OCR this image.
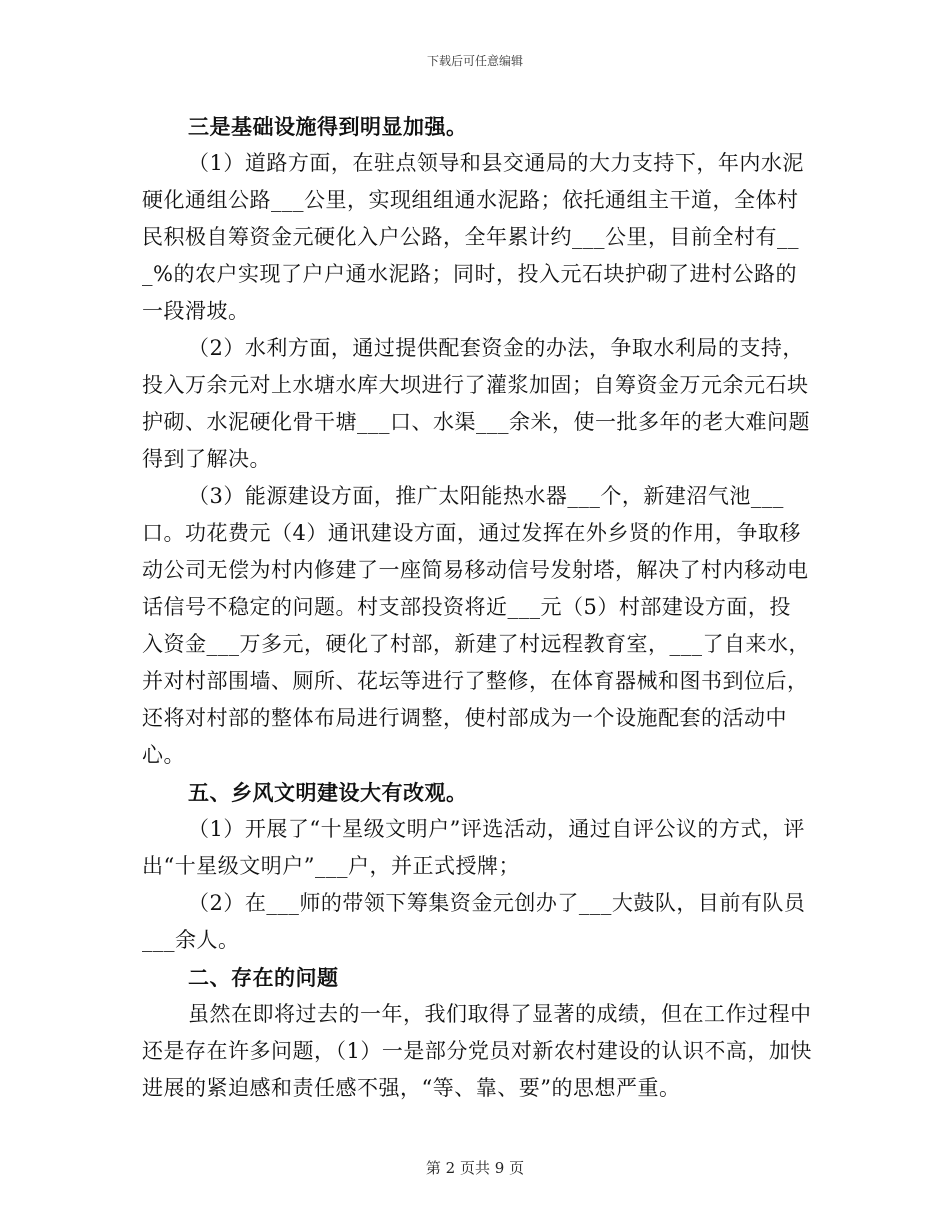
下载后可任意编辑

三是基础设施得到明显加强。

（1）道路方面，在驻点领导和县交通局的大力支持下，年内水泥硬化通组公路___公里，实现组组通水泥路；依托通组主干道，全体村民积极自筹资金元硬化入户公路，全年累计约___公里，目前全村有___%的农户实现了户户通水泥路；同时，投入元石块护砌了进村公路的一段滑坡。

（2）水利方面，通过提供配套资金的办法，争取水利局的支持，投入万余元对上水塘水库大坝进行了灌浆加固；自筹资金万元余元石块护砌、水泥硬化骨干塘___口、水渠___余米，使一批多年的老大难问题得到了解决。

（3）能源建设方面，推广太阳能热水器___个，新建沼气池___口。功花费元（4）通讯建设方面，通过发挥在外乡贤的作用，争取移动公司无偿为村内修建了一座简易移动信号发射塔，解决了村内移动电话信号不稳定的问题。村支部投资将近___元（5）村部建设方面，投入资金___万多元，硬化了村部，新建了村远程教育室，___了自来水，并对村部围墙、厕所、花坛等进行了整修，在体育器械和图书到位后，还将对村部的整体布局进行调整，使村部成为一个设施配套的活动中心。

五、乡风文明建设大有改观。

（1）开展了“十星级文明户”评选活动，通过自评公议的方式，评出“十星级文明户”___户，并正式授牌；

（2）在___师的带领下筹集资金元创办了___大鼓队，目前有队员___余人。

二、存在的问题

虽然在即将过去的一年，我们取得了显著的成绩，但在工作过程中还是存在许多问题，（1）一是部分党员对新农村建设的认识不高，加快进展的紧迫感和责任感不强，“等、靠、要”的思想严重。

第 2 页共 9 页
